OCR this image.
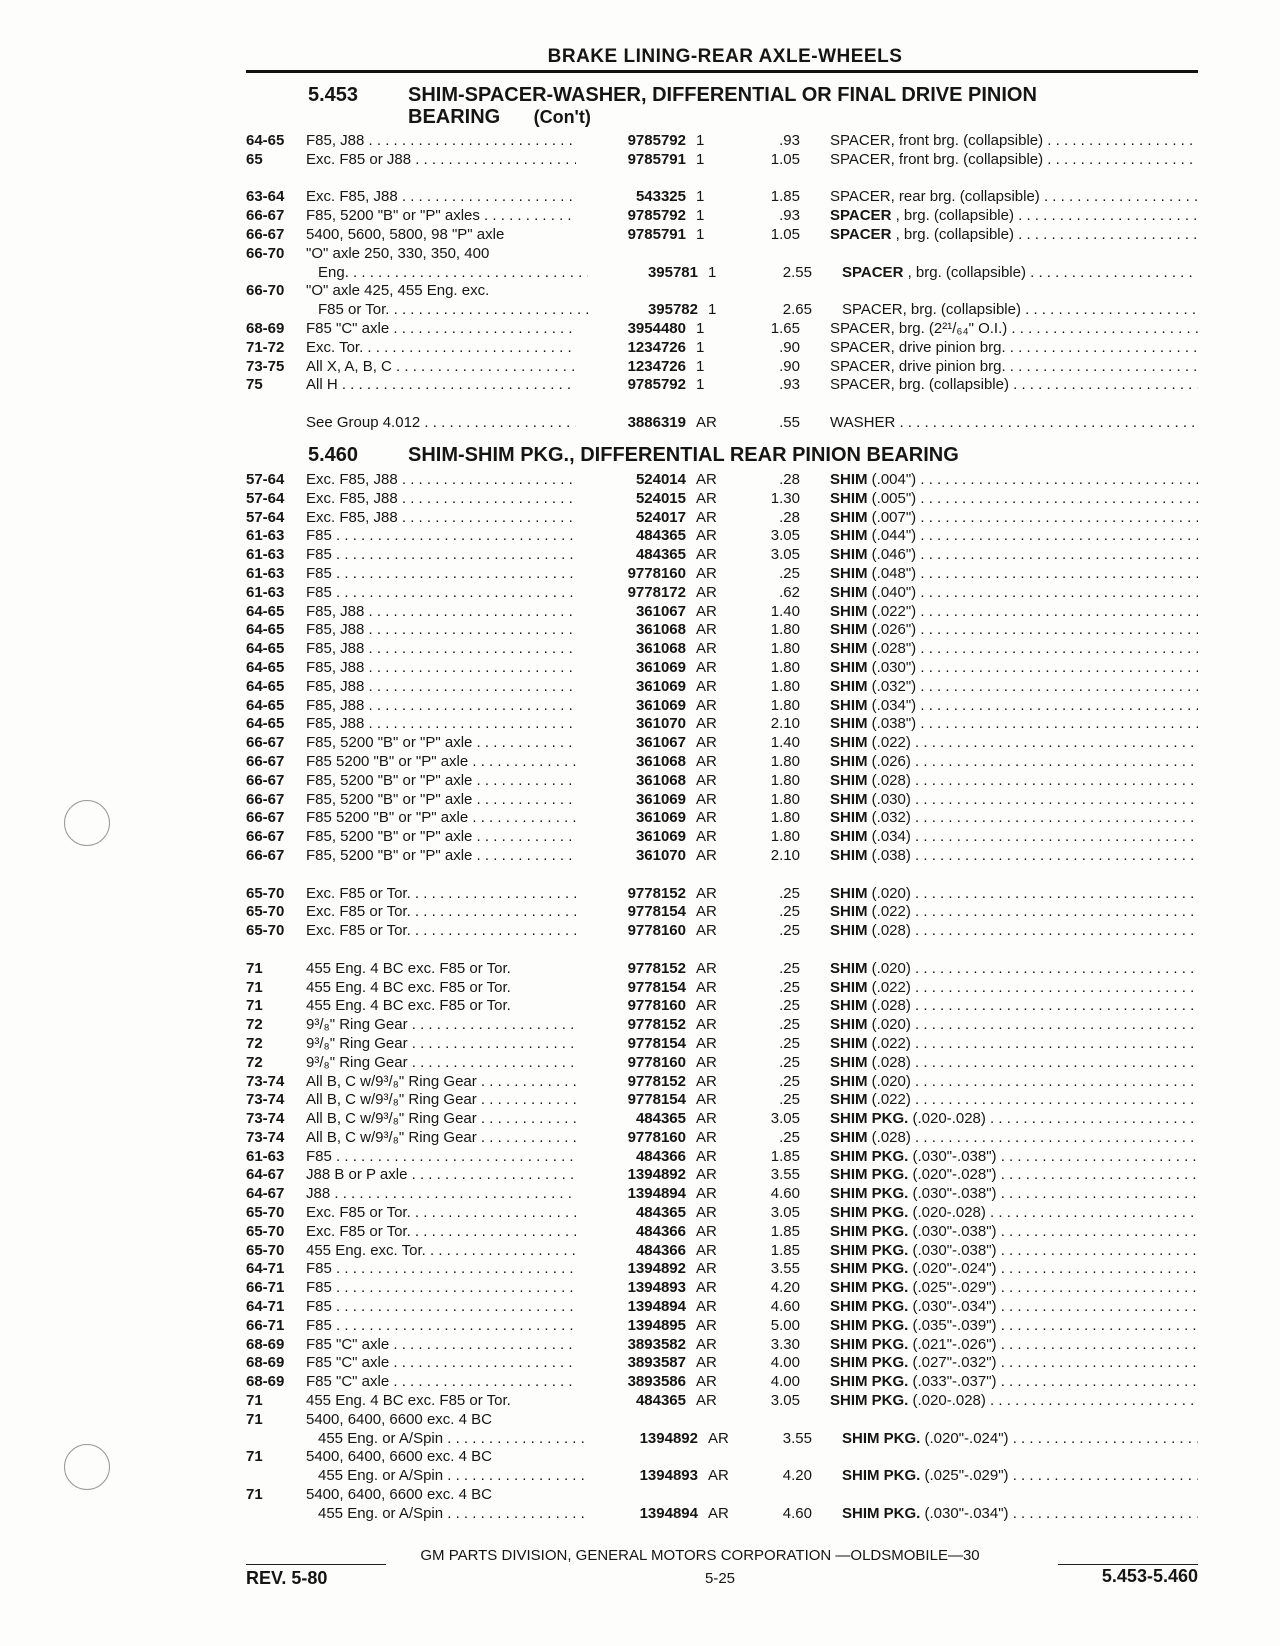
BRAKE LINING-REAR AXLE-WHEELS
5.453 SHIM-SPACER-WASHER, DIFFERENTIAL OR FINAL DRIVE PINION
BEARING (Con't)
64-65	F85, J88 . . .	9785792 1	.93	SPACER, front brg. (collapsible) . . .
65	Exc. F85 or J88 . . .	9785791 1	1.05	SPACER, front brg. (collapsible) . . .
63-64	Exc. F85, J88 . . .	543325 1	1.85	SPACER, rear brg. (collapsible) . . .
66-67	F85, 5200 "B" or "P" axles . . .	9785792 1	.93	SPACER , brg. (collapsible) . . .
66-67	5400, 5600, 5800, 98 "P" axle	9785791 1	1.05	SPACER , brg. (collapsible) . . .
66-70	"O" axle 250, 330, 350, 400
Eng. . . .	395781 1	2.55	SPACER , brg. (collapsible) . . .
66-70	"O" axle 425, 455 Eng. exc.
F85 or Tor. . . .	395782 1	2.65	SPACER, brg. (collapsible) . . .
68-69	F85 "C" axle . . .	3954480 1	1.65	SPACER, brg. (2²¹/₆₄" O.I.) . . .
71-72	Exc. Tor. . . .	1234726 1	.90	SPACER, drive pinion brg. . . .
73-75	All X, A, B, C . . .	1234726 1	.90	SPACER, drive pinion brg. . . .
75	All H . . .	9785792 1	.93	SPACER, brg. (collapsible) . . .
See Group 4.012 . . .	3886319 AR	.55	WASHER . . .
5.460 SHIM-SHIM PKG., DIFFERENTIAL REAR PINION BEARING
57-64	Exc. F85, J88 . . .	524014 AR	.28	SHIM (.004") . . .
57-64	Exc. F85, J88 . . .	524015 AR	1.30	SHIM (.005") . . .
57-64	Exc. F85, J88 . . .	524017 AR	.28	SHIM (.007") . . .
61-63	F85 . . .	484365 AR	3.05	SHIM (.044") . . .
61-63	F85 . . .	484365 AR	3.05	SHIM (.046") . . .
61-63	F85 . . .	9778160 AR	.25	SHIM (.048") . . .
61-63	F85 . . .	9778172 AR	.62	SHIM (.040") . . .
64-65	F85, J88 . . .	361067 AR	1.40	SHIM (.022") . . .
64-65	F85, J88 . . .	361068 AR	1.80	SHIM (.026") . . .
64-65	F85, J88 . . .	361068 AR	1.80	SHIM (.028") . . .
64-65	F85, J88 . . .	361069 AR	1.80	SHIM (.030") . . .
64-65	F85, J88 . . .	361069 AR	1.80	SHIM (.032") . . .
64-65	F85, J88 . . .	361069 AR	1.80	SHIM (.034") . . .
64-65	F85, J88 . . .	361070 AR	2.10	SHIM (.038") . . .
66-67	F85, 5200 "B" or "P" axle . . .	361067 AR	1.40	SHIM (.022) . . .
66-67	F85 5200 "B" or "P" axle . . .	361068 AR	1.80	SHIM (.026) . . .
66-67	F85, 5200 "B" or "P" axle . . .	361068 AR	1.80	SHIM (.028) . . .
66-67	F85, 5200 "B" or "P" axle . . .	361069 AR	1.80	SHIM (.030) . . .
66-67	F85 5200 "B" or "P" axle . . .	361069 AR	1.80	SHIM (.032) . . .
66-67	F85, 5200 "B" or "P" axle . . .	361069 AR	1.80	SHIM (.034) . . .
66-67	F85, 5200 "B" or "P" axle . . .	361070 AR	2.10	SHIM (.038) . . .
65-70	Exc. F85 or Tor. . . .	9778152 AR	.25	SHIM (.020) . . .
65-70	Exc. F85 or Tor. . . .	9778154 AR	.25	SHIM (.022) . . .
65-70	Exc. F85 or Tor. . . .	9778160 AR	.25	SHIM (.028) . . .
71	455 Eng. 4 BC exc. F85 or Tor.	9778152 AR	.25	SHIM (.020) . . .
71	455 Eng. 4 BC exc. F85 or Tor.	9778154 AR	.25	SHIM (.022) . . .
71	455 Eng. 4 BC exc. F85 or Tor.	9778160 AR	.25	SHIM (.028) . . .
72	9³/₈" Ring Gear . . .	9778152 AR	.25	SHIM (.020) . . .
72	9³/₈" Ring Gear . . .	9778154 AR	.25	SHIM (.022) . . .
72	9³/₈" Ring Gear . . .	9778160 AR	.25	SHIM (.028) . . .
73-74	All B, C w/9³/₈" Ring Gear . . .	9778152 AR	.25	SHIM (.020) . . .
73-74	All B, C w/9³/₈" Ring Gear . . .	9778154 AR	.25	SHIM (.022) . . .
73-74	All B, C w/9³/₈" Ring Gear . . .	484365 AR	3.05	SHIM PKG. (.020-.028) . . .
73-74	All B, C w/9³/₈" Ring Gear . . .	9778160 AR	.25	SHIM (.028) . . .
61-63	F85 . . .	484366 AR	1.85	SHIM PKG. (.030"-.038") . . .
64-67	J88 B or P axle . . .	1394892 AR	3.55	SHIM PKG. (.020"-.028") . . .
64-67	J88 . . .	1394894 AR	4.60	SHIM PKG. (.030"-.038") . . .
65-70	Exc. F85 or Tor. . . .	484365 AR	3.05	SHIM PKG. (.020-.028) . . .
65-70	Exc. F85 or Tor. . . .	484366 AR	1.85	SHIM PKG. (.030"-.038") . . .
65-70	455 Eng. exc. Tor. . . .	484366 AR	1.85	SHIM PKG. (.030"-.038") . . .
64-71	F85 . . .	1394892 AR	3.55	SHIM PKG. (.020"-.024") . . .
66-71	F85 . . .	1394893 AR	4.20	SHIM PKG. (.025"-.029") . . .
64-71	F85 . . .	1394894 AR	4.60	SHIM PKG. (.030"-.034") . . .
66-71	F85 . . .	1394895 AR	5.00	SHIM PKG. (.035"-.039") . . .
68-69	F85 "C" axle . . .	3893582 AR	3.30	SHIM PKG. (.021"-.026") . . .
68-69	F85 "C" axle . . .	3893587 AR	4.00	SHIM PKG. (.027"-.032") . . .
68-69	F85 "C" axle . . .	3893586 AR	4.00	SHIM PKG. (.033"-.037") . . .
71	455 Eng. 4 BC exc. F85 or Tor.	484365 AR	3.05	SHIM PKG. (.020-.028) . . .
71	5400, 6400, 6600 exc. 4 BC
455 Eng. or A/Spin . . .	1394892 AR	3.55	SHIM PKG. (.020"-.024") . . .
71	5400, 6400, 6600 exc. 4 BC
455 Eng. or A/Spin . . .	1394893 AR	4.20	SHIM PKG. (.025"-.029") . . .
71	5400, 6400, 6600 exc. 4 BC
455 Eng. or A/Spin . . .	1394894 AR	4.60	SHIM PKG. (.030"-.034") . . .
GM PARTS DIVISION, GENERAL MOTORS CORPORATION —OLDSMOBILE—30
REV. 5-80	5-25	5.453-5.460
